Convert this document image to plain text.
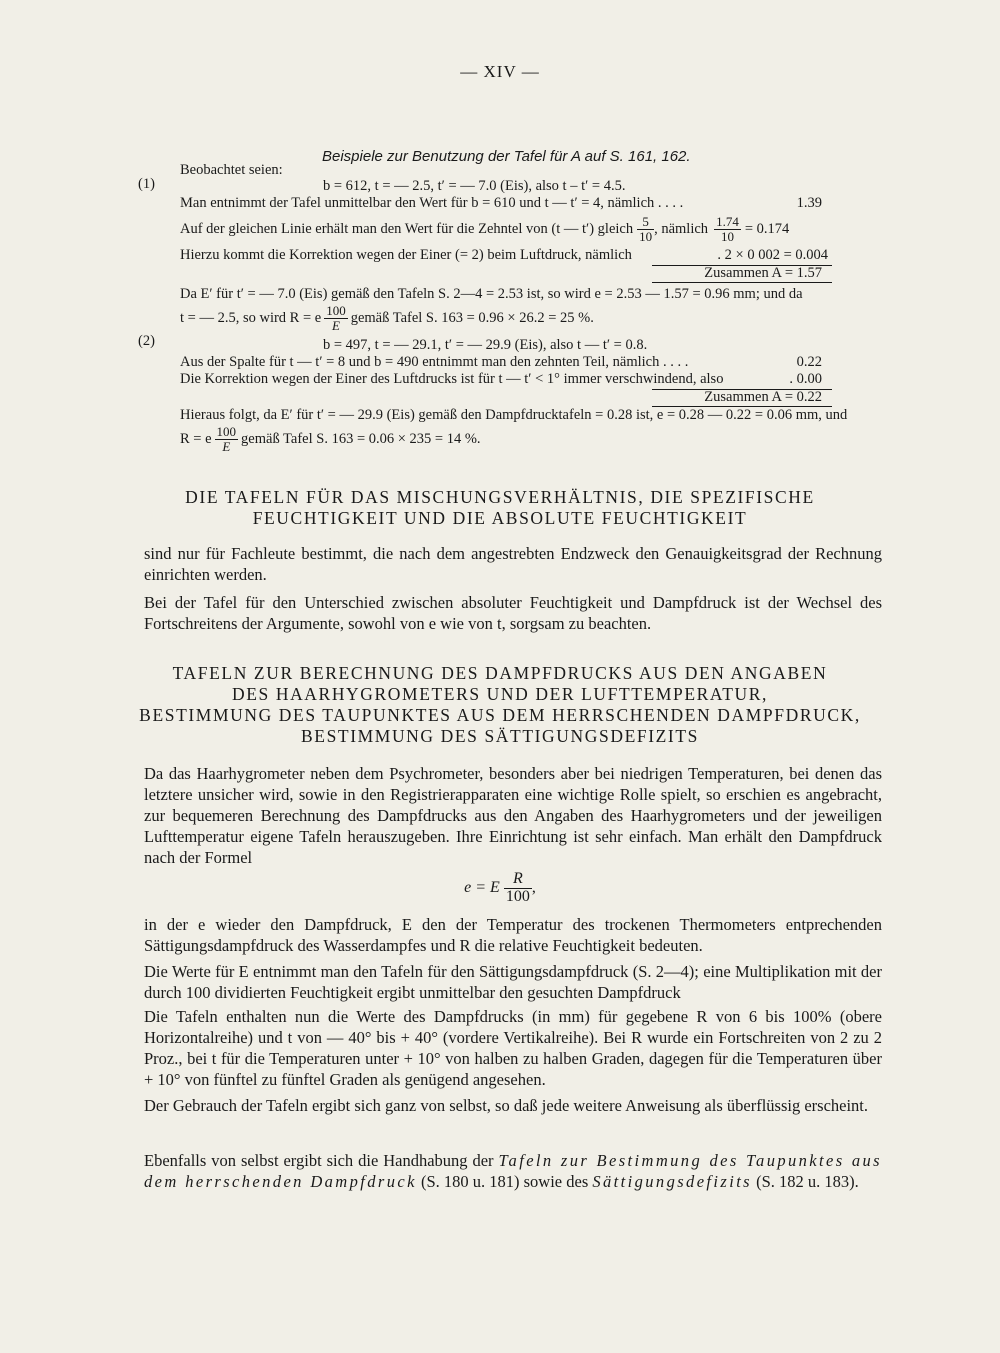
— XIV —
Beispiele zur Benutzung der Tafel für A auf S. 161, 162.
Beobachtet seien:
(1)	b = 612, t = — 2.5, t′ = — 7.0 (Eis), also t – t′ = 4.5.
Man entnimmt der Tafel unmittelbar den Wert für b = 610 und t — t′ = 4, nämlich . . . .	1.39
Auf der gleichen Linie erhält man den Wert für die Zehntel von (t — t′) gleich $\frac{5}{10}$ , nämlich $\frac{1.74}{10} = 0.174$
Hierzu kommt die Korrektion wegen der Einer (= 2) beim Luftdruck, nämlich	. 2 × 0 002 = 0.004
Zusammen A = 1.57
Da E′ für t′ = — 7.0 (Eis) gemäß den Tafeln S. 2—4 = 2.53 ist, so wird e = 2.53 — 1.57 = 0.96 mm; und da
t = — 2.5, so wird R = e $\frac{100}{E}$ gemäß Tafel S. 163 = 0.96 × 26.2 = 25 %.
(2)	b = 497, t = — 29.1, t′ = — 29.9 (Eis), also t — t′ = 0.8.
Aus der Spalte für t — t′ = 8 und b = 490 entnimmt man den zehnten Teil, nämlich . . . .	0.22
Die Korrektion wegen der Einer des Luftdrucks ist für t — t′ < 1° immer verschwindend, also	. 0.00
Zusammen A = 0.22
Hieraus folgt, da E′ für t′ = — 29.9 (Eis) gemäß den Dampfdrucktafeln = 0.28 ist, e = 0.28 — 0.22 = 0.06 mm, und
R = e $\frac{100}{E}$ gemäß Tafel S. 163 = 0.06 × 235 = 14 %.
DIE TAFELN FÜR DAS MISCHUNGSVERHÄLTNIS, DIE SPEZIFISCHE
FEUCHTIGKEIT UND DIE ABSOLUTE FEUCHTIGKEIT

sind nur für Fachleute bestimmt, die nach dem angestrebten Endzweck den Genauigkeitsgrad der Rechnung einrichten werden.

Bei der Tafel für den Unterschied zwischen absoluter Feuchtigkeit und Dampfdruck ist der Wechsel des Fortschreitens der Argumente, sowohl von e wie von t, sorgsam zu beachten.

TAFELN ZUR BERECHNUNG DES DAMPFDRUCKS AUS DEN ANGABEN
DES HAARHYGROMETERS UND DER LUFTTEMPERATUR,
BESTIMMUNG DES TAUPUNKTES AUS DEM HERRSCHENDEN DAMPFDRUCK,
BESTIMMUNG DES SÄTTIGUNGSDEFIZITS
Da das Haarhygrometer neben dem Psychrometer, besonders aber bei niedrigen Temperaturen, bei denen das letztere unsicher wird, sowie in den Registrierapparaten eine wichtige Rolle spielt, so erschien es angebracht, zur bequemeren Berechnung des Dampfdrucks aus den Angaben des Haarhygrometers und der jeweiligen Lufttemperatur eigene Tafeln herauszugeben. Ihre Einrichtung ist sehr einfach. Man erhält den Dampfdruck nach der Formel
e = E $\frac{R}{100}$ ,

in der e wieder den Dampfdruck, E den der Temperatur des trockenen Thermometers entprechenden Sättigungsdampfdruck des Wasserdampfes und R die relative Feuchtigkeit bedeuten.

Die Werte für E entnimmt man den Tafeln für den Sättigungsdampfdruck (S. 2—4); eine Multiplikation mit der durch 100 dividierten Feuchtigkeit ergibt unmittelbar den gesuchten Dampfdruck

Die Tafeln enthalten nun die Werte des Dampfdrucks (in mm) für gegebene R von 6 bis 100% (obere Horizontalreihe) und t von — 40° bis + 40° (vordere Vertikalreihe). Bei R wurde ein Fortschreiten von 2 zu 2 Proz., bei t für die Temperaturen unter + 10° von halben zu halben Graden, dagegen für die Temperaturen über + 10° von fünftel zu fünftel Graden als genügend angesehen.

Der Gebrauch der Tafeln ergibt sich ganz von selbst, so daß jede weitere Anweisung als überflüssig erscheint.

Ebenfalls von selbst ergibt sich die Handhabung der Tafeln zur Bestimmung des Taupunktes aus dem herrschenden Dampfdruck (S. 180 u. 181) sowie des Sättigungsdefizits (S. 182 u. 183).
